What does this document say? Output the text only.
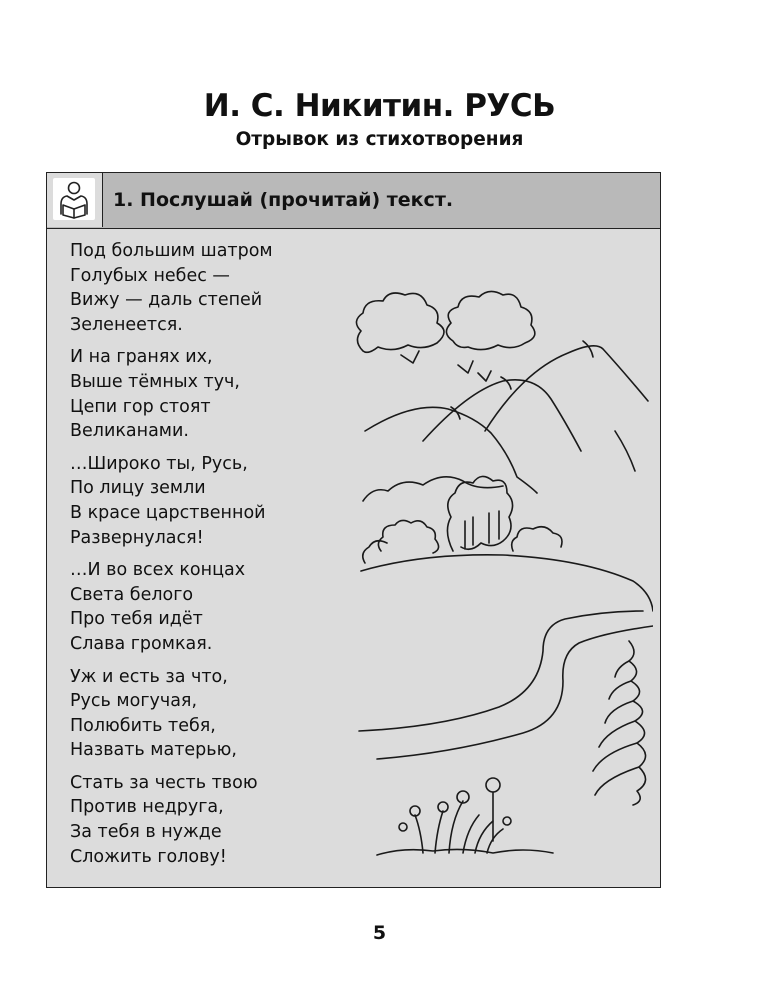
И. С. Никитин. РУСЬ
Отрывок из стихотворения
1. Послушай (прочитай) текст.
Под большим шатром
Голубых небес —
Вижу — даль степей
Зеленеется.
И на гранях их,
Выше тёмных туч,
Цепи гор стоят
Великанами.
…Широко ты, Русь,
По лицу земли
В красе царственной
Развернулася!
…И во всех концах
Света белого
Про тебя идёт
Слава громкая.
Уж и есть за что,
Русь могучая,
Полюбить тебя,
Назвать матерью,
Стать за честь твою
Против недруга,
За тебя в нужде
Сложить голову!
5
